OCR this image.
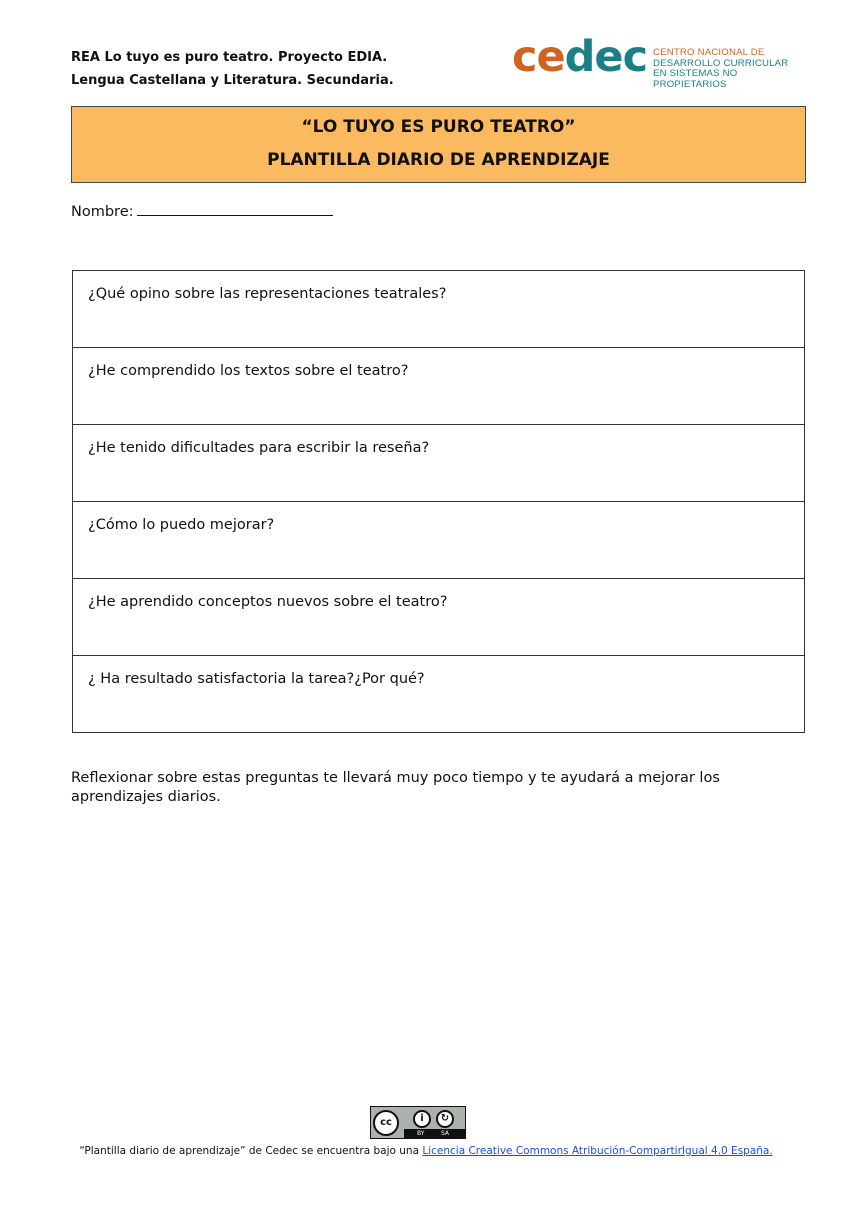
REA Lo tuyo es puro teatro. Proyecto EDIA.
Lengua Castellana y Literatura. Secundaria.	cedec CENTRO NACIONAL DE
DESARROLLO CURRICULAR
EN SISTEMAS NO PROPIETARIOS
“LO TUYO ES PURO TEATRO”
PLANTILLA DIARIO DE APRENDIZAJE
Nombre:
¿Qué opino sobre las representaciones teatrales?
¿He comprendido los textos sobre el teatro?
¿He tenido dificultades para escribir la reseña?
¿Cómo lo puedo mejorar?
¿He aprendido conceptos nuevos sobre el teatro?
¿ Ha resultado satisfactoria la tarea?¿Por qué?
Reflexionar sobre estas preguntas te llevará muy poco tiempo y te ayudará a mejorar los aprendizajes diarios.
cc	i	↻
BY	SA
“Plantilla diario de aprendizaje” de Cedec se encuentra bajo una Licencia Creative Commons Atribución-CompartirIgual 4.0 España.
